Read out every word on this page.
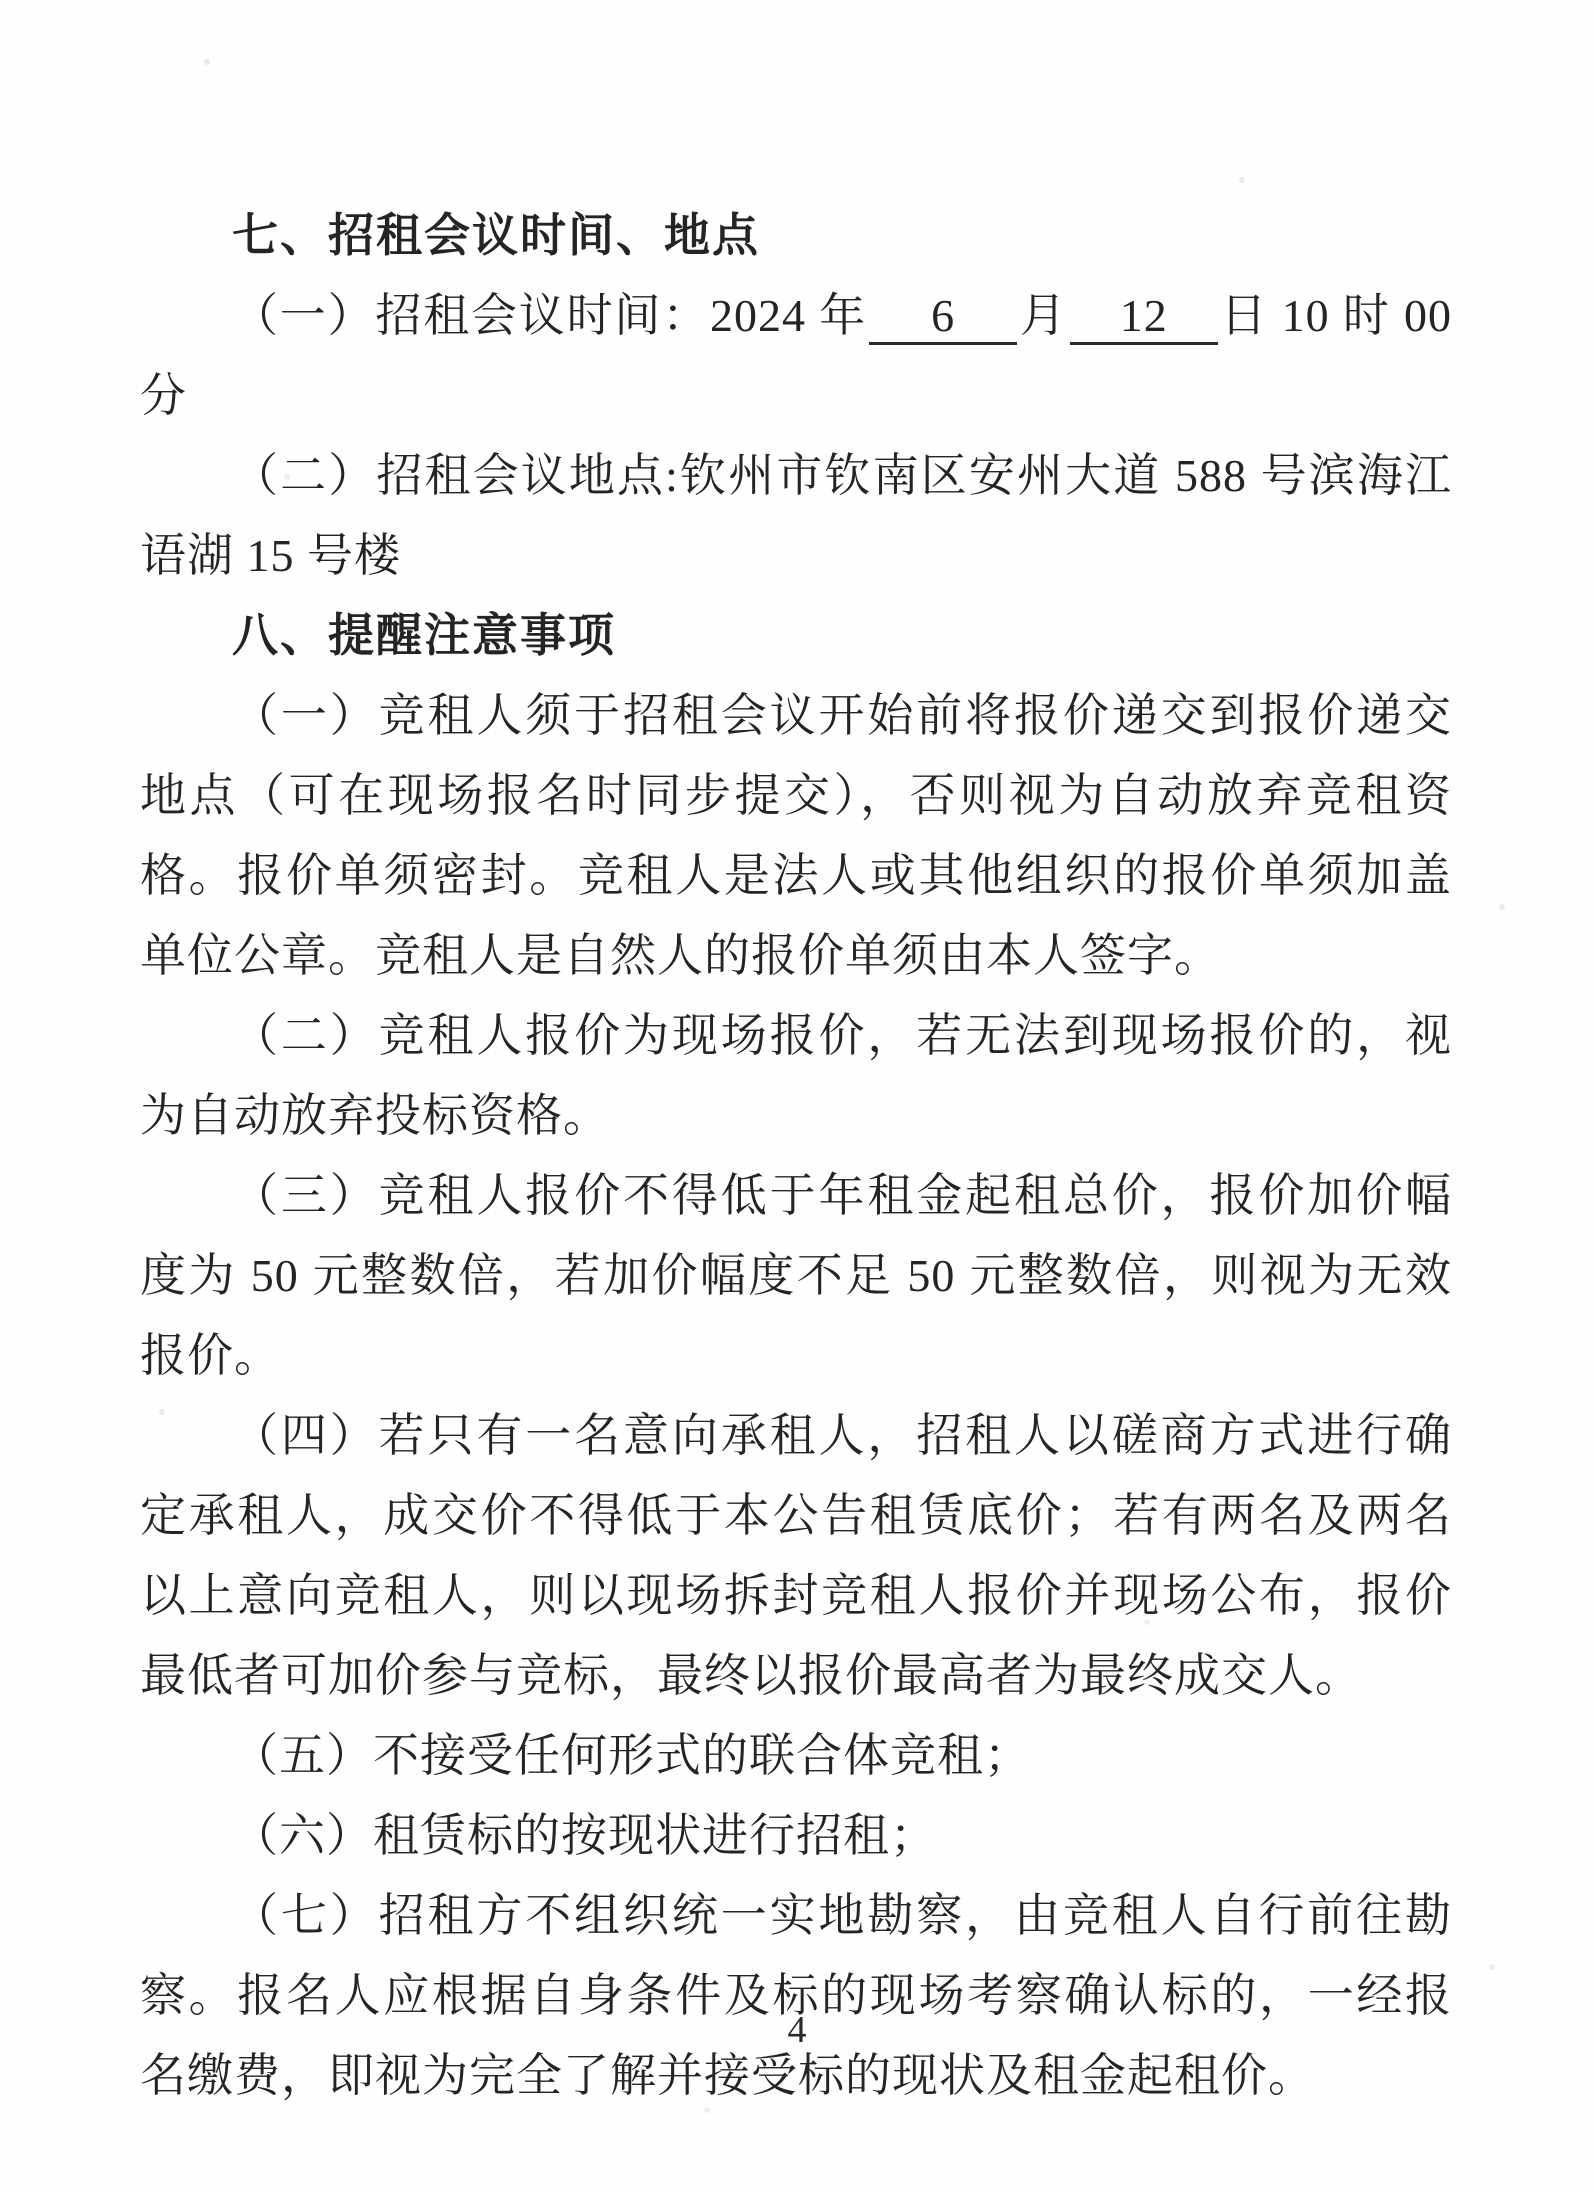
七、招租会议时间、地点

（一）招租会议时间：2024 年 6 月 12 日 10 时 00 分

（二）招租会议地点:钦州市钦南区安州大道 588 号滨海江语湖 15 号楼

八、提醒注意事项

（一）竞租人须于招租会议开始前将报价递交到报价递交地点（可在现场报名时同步提交），否则视为自动放弃竞租资格。报价单须密封。竞租人是法人或其他组织的报价单须加盖单位公章。竞租人是自然人的报价单须由本人签字。

（二）竞租人报价为现场报价，若无法到现场报价的，视为自动放弃投标资格。

（三）竞租人报价不得低于年租金起租总价，报价加价幅度为 50 元整数倍，若加价幅度不足 50 元整数倍，则视为无效报价。

（四）若只有一名意向承租人，招租人以磋商方式进行确定承租人，成交价不得低于本公告租赁底价；若有两名及两名以上意向竞租人，则以现场拆封竞租人报价并现场公布，报价最低者可加价参与竞标，最终以报价最高者为最终成交人。

（五）不接受任何形式的联合体竞租；

（六）租赁标的按现状进行招租；

（七）招租方不组织统一实地勘察，由竞租人自行前往勘察。报名人应根据自身条件及标的现场考察确认标的，一经报名缴费，即视为完全了解并接受标的现状及租金起租价。

4
